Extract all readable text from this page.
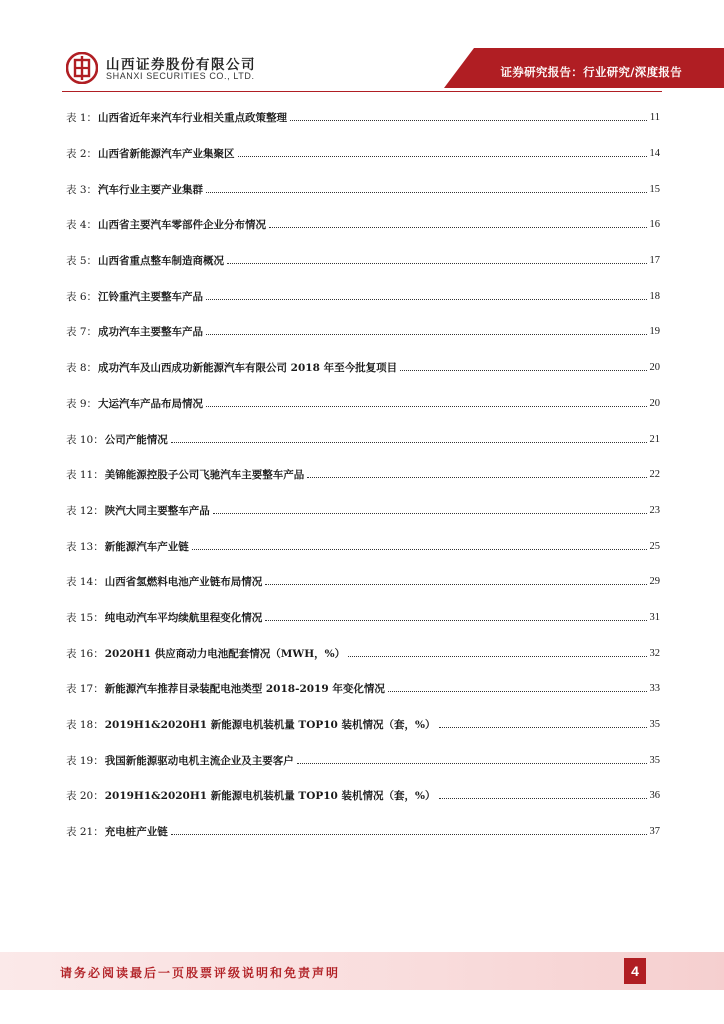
山西证券股份有限公司
SHANXI SECURITIES CO., LTD.	证券研究报告：行业研究/深度报告
表 1： 山西省近年来汽车行业相关重点政策整理	11
表 2： 山西省新能源汽车产业集聚区	14
表 3： 汽车行业主要产业集群	15
表 4： 山西省主要汽车零部件企业分布情况	16
表 5： 山西省重点整车制造商概况	17
表 6： 江铃重汽主要整车产品	18
表 7： 成功汽车主要整车产品	19
表 8： 成功汽车及山西成功新能源汽车有限公司 2018 年至今批复项目	20
表 9： 大运汽车产品布局情况	20
表 10： 公司产能情况	21
表 11： 美锦能源控股子公司飞驰汽车主要整车产品	22
表 12： 陕汽大同主要整车产品	23
表 13： 新能源汽车产业链	25
表 14： 山西省氢燃料电池产业链布局情况	29
表 15： 纯电动汽车平均续航里程变化情况	31
表 16： 2020H1 供应商动力电池配套情况（MWH，%）	32
表 17： 新能源汽车推荐目录装配电池类型 2018-2019 年变化情况	33
表 18： 2019H1&2020H1 新能源电机装机量 TOP10 装机情况（套，%）	35
表 19： 我国新能源驱动电机主流企业及主要客户	35
表 20： 2019H1&2020H1 新能源电机装机量 TOP10 装机情况（套，%）	36
表 21： 充电桩产业链	37
请务必阅读最后一页股票评级说明和免责声明	4
